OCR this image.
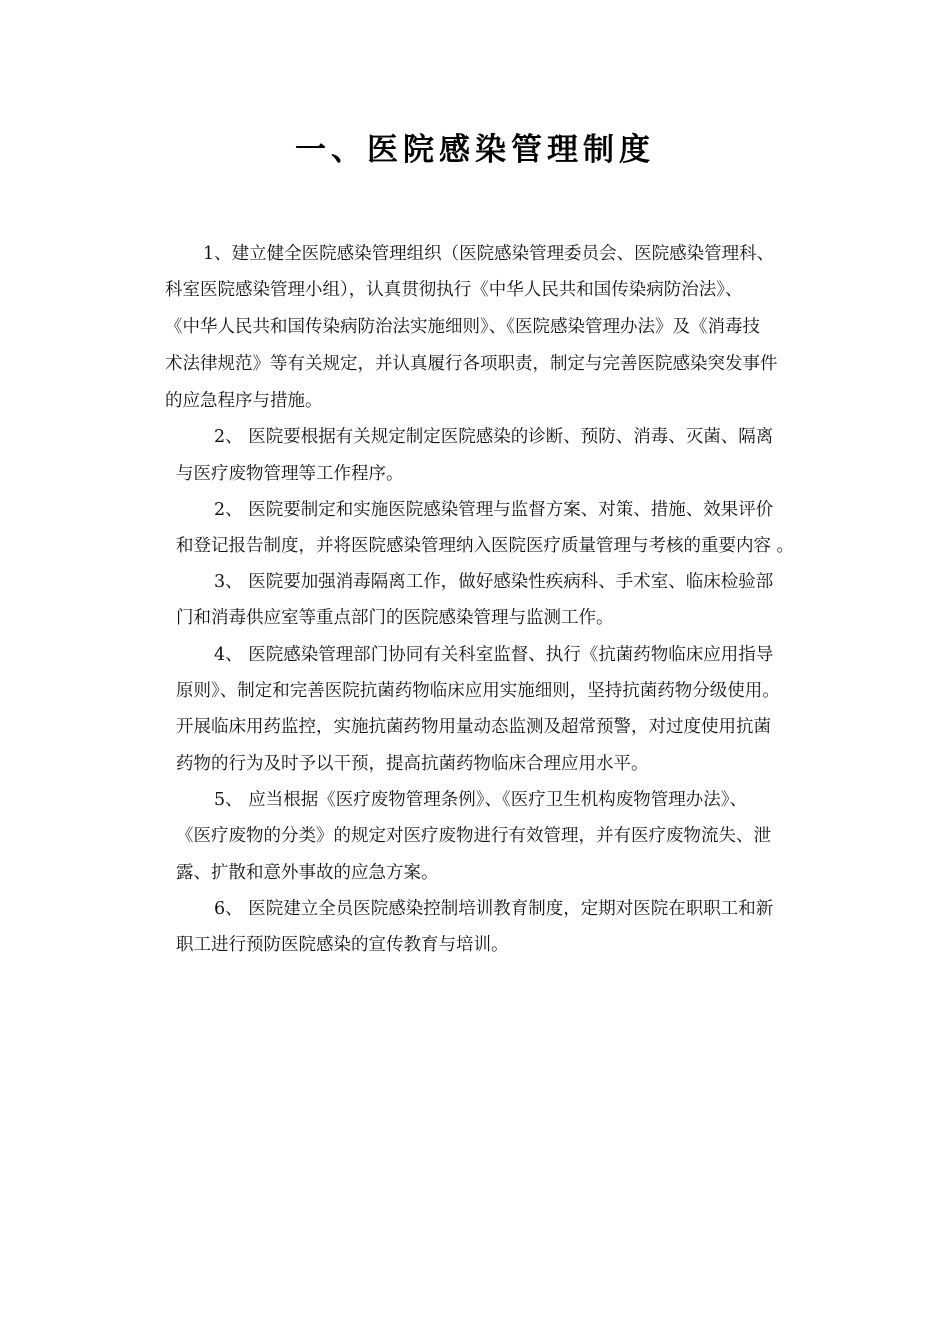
一、医院感染管理制度

1、建立健全医院感染管理组织（医院感染管理委员会、医院感染管理科、

科室医院感染管理小组），认真贯彻执行《中华人民共和国传染病防治法》、

《中华人民共和国传染病防治法实施细则》、《医院感染管理办法》及《消毒技

术法律规范》等有关规定，并认真履行各项职责，制定与完善医院感染突发事件

的应急程序与措施。

2、 医院要根据有关规定制定医院感染的诊断、预防、消毒、灭菌、隔离

与医疗废物管理等工作程序。

2、 医院要制定和实施医院感染管理与监督方案、对策、措施、效果评价

和登记报告制度，并将医院感染管理纳入医院医疗质量管理与考核的重要内容 。

3、 医院要加强消毒隔离工作，做好感染性疾病科、手术室、临床检验部

门和消毒供应室等重点部门的医院感染管理与监测工作。

4、 医院感染管理部门协同有关科室监督、执行《抗菌药物临床应用指导

原则》、制定和完善医院抗菌药物临床应用实施细则，坚持抗菌药物分级使用。

开展临床用药监控，实施抗菌药物用量动态监测及超常预警，对过度使用抗菌

药物的行为及时予以干预，提高抗菌药物临床合理应用水平。

5、 应当根据《医疗废物管理条例》、《医疗卫生机构废物管理办法》、

《医疗废物的分类》的规定对医疗废物进行有效管理，并有医疗废物流失、泄

露、扩散和意外事故的应急方案。

6、 医院建立全员医院感染控制培训教育制度，定期对医院在职职工和新

职工进行预防医院感染的宣传教育与培训。
